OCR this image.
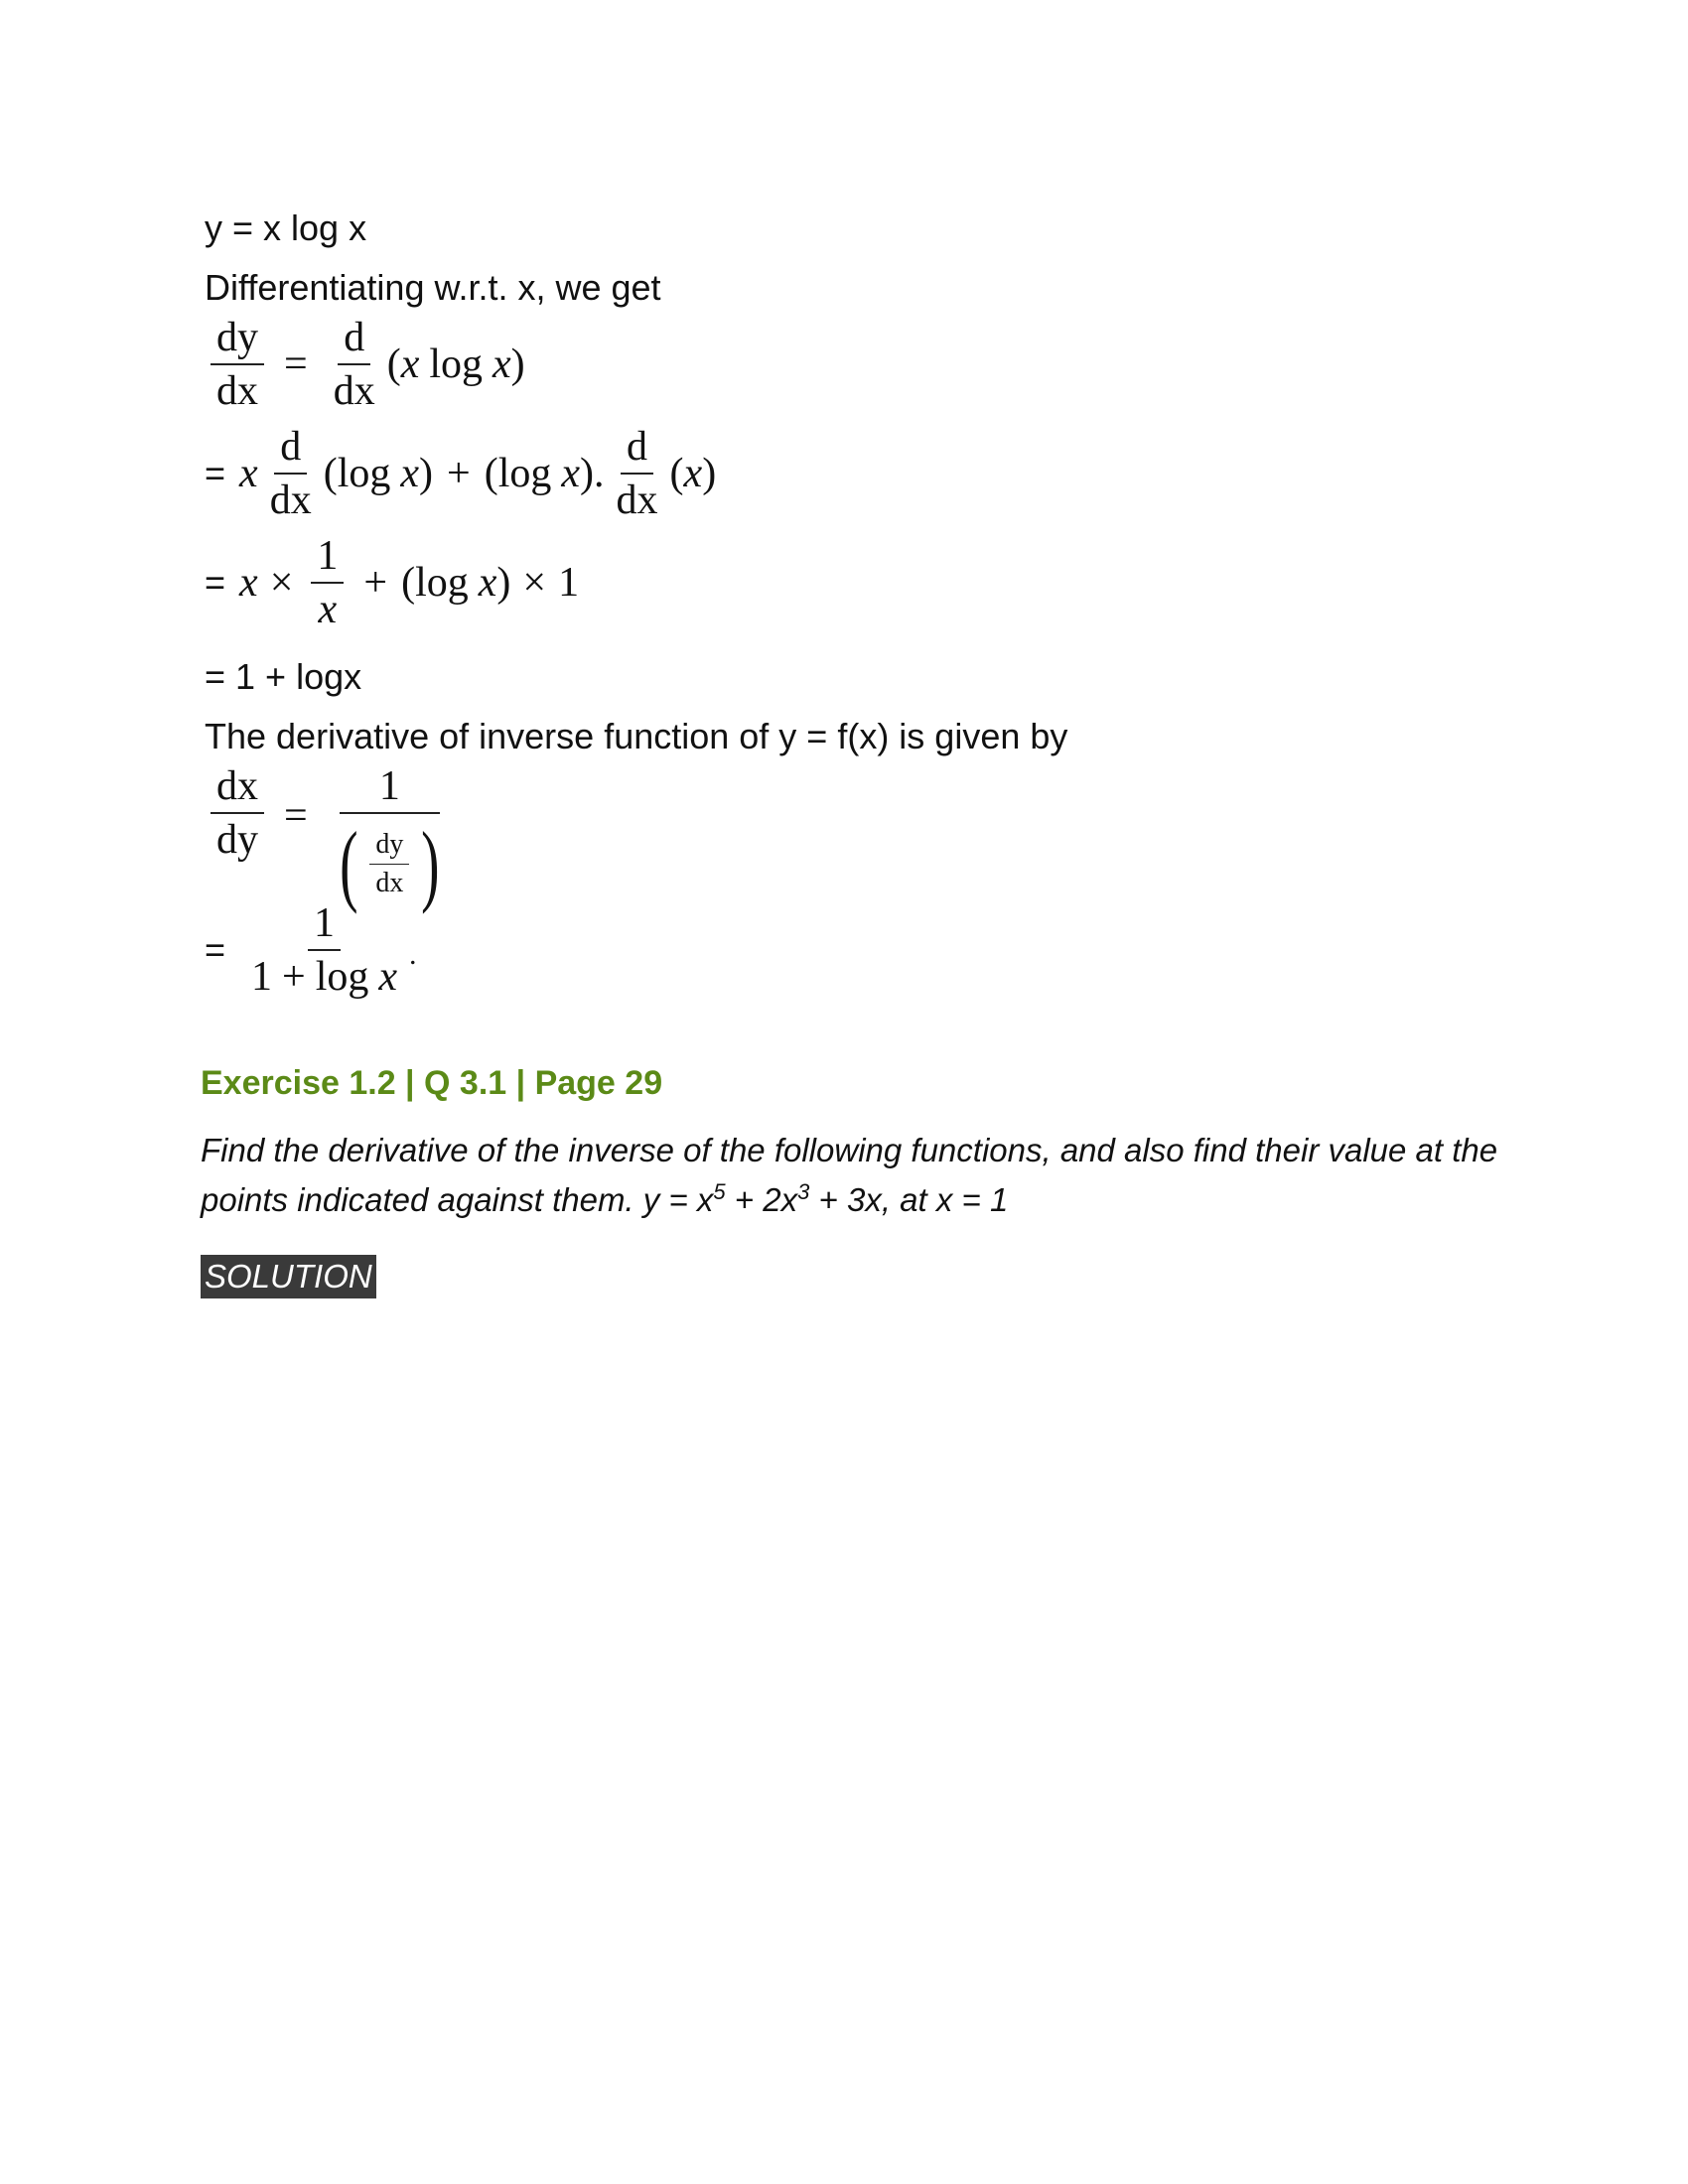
y = x log x
Differentiating w.r.t. x, we get
$\frac{dy}{dx} = \frac{d}{dx}$ ( x log x )
= x $\frac{d}{dx}$ ( log x ) + ( log x ) . $\frac{d}{dx}$ ( x )
= $x \times \frac{1}{x}$ + ( log x ) × 1
= 1 + logx
The derivative of inverse function of y = f(x) is given by
$\frac{dx}{dy} = \frac{1}{( \frac{dy}{dx} )}$
= $\frac{1}{\text{1 + log x}}$ .
Exercise 1.2 | Q 3.1 | Page 29
Find the derivative of the inverse of the following functions, and also find their value at the points indicated against them. $y = x^5 + 2x^3 + 3x$, at x = 1
SOLUTION
